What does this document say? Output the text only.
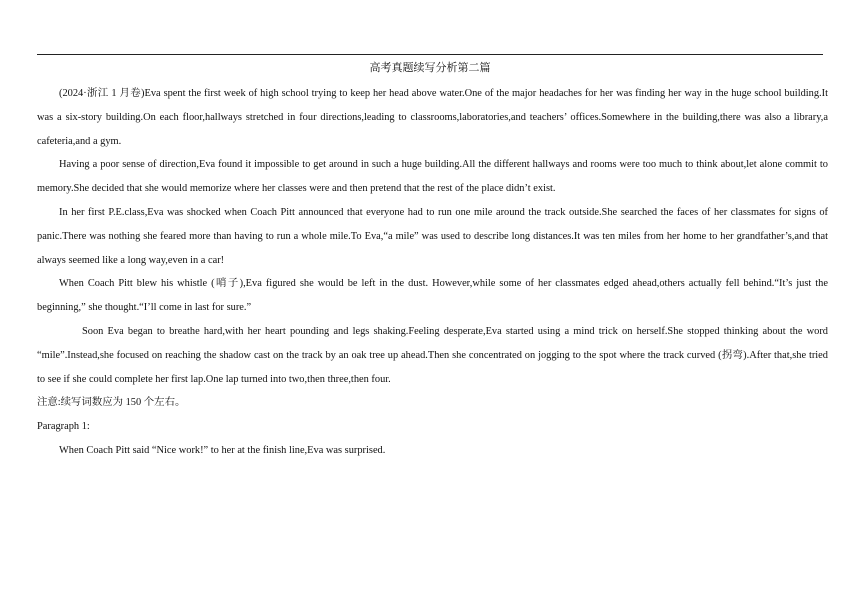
高考真题续写分析第二篇

(2024·浙江 1 月卷)Eva spent the first week of high school trying to keep her head above water.One of the major headaches for her was finding her way in the huge school building.It was a six-story building.On each floor,hallways stretched in four directions,leading to classrooms,laboratories,and teachers’ offices.Somewhere in the building,there was also a library,a cafeteria,and a gym.

Having a poor sense of direction,Eva found it impossible to get around in such a huge building.All the different hallways and rooms were too much to think about,let alone commit to memory.She decided that she would memorize where her classes were and then pretend that the rest of the place didn’t exist.

In her first P.E.class,Eva was shocked when Coach Pitt announced that everyone had to run one mile around the track outside.She searched the faces of her classmates for signs of panic.There was nothing she feared more than having to run a whole mile.To Eva,“a mile” was used to describe long distances.It was ten miles from her home to her grandfather’s,and that always seemed like a long way,even in a car!

When Coach Pitt blew his whistle (哨子),Eva figured she would be left in the dust. However,while some of her classmates edged ahead,others actually fell behind.“It’s just the beginning,” she thought.“I’ll come in last for sure.”

Soon Eva began to breathe hard,with her heart pounding and legs shaking.Feeling desperate,Eva started using a mind trick on herself.She stopped thinking about the word “mile”.Instead,she focused on reaching the shadow cast on the track by an oak tree up ahead.Then she concentrated on jogging to the spot where the track curved (拐弯).After that,she tried to see if she could complete her first lap.One lap turned into two,then three,then four.

注意:续写词数应为 150 个左右。

Paragraph 1:

When Coach Pitt said “Nice work!” to her at the finish line,Eva was surprised.
